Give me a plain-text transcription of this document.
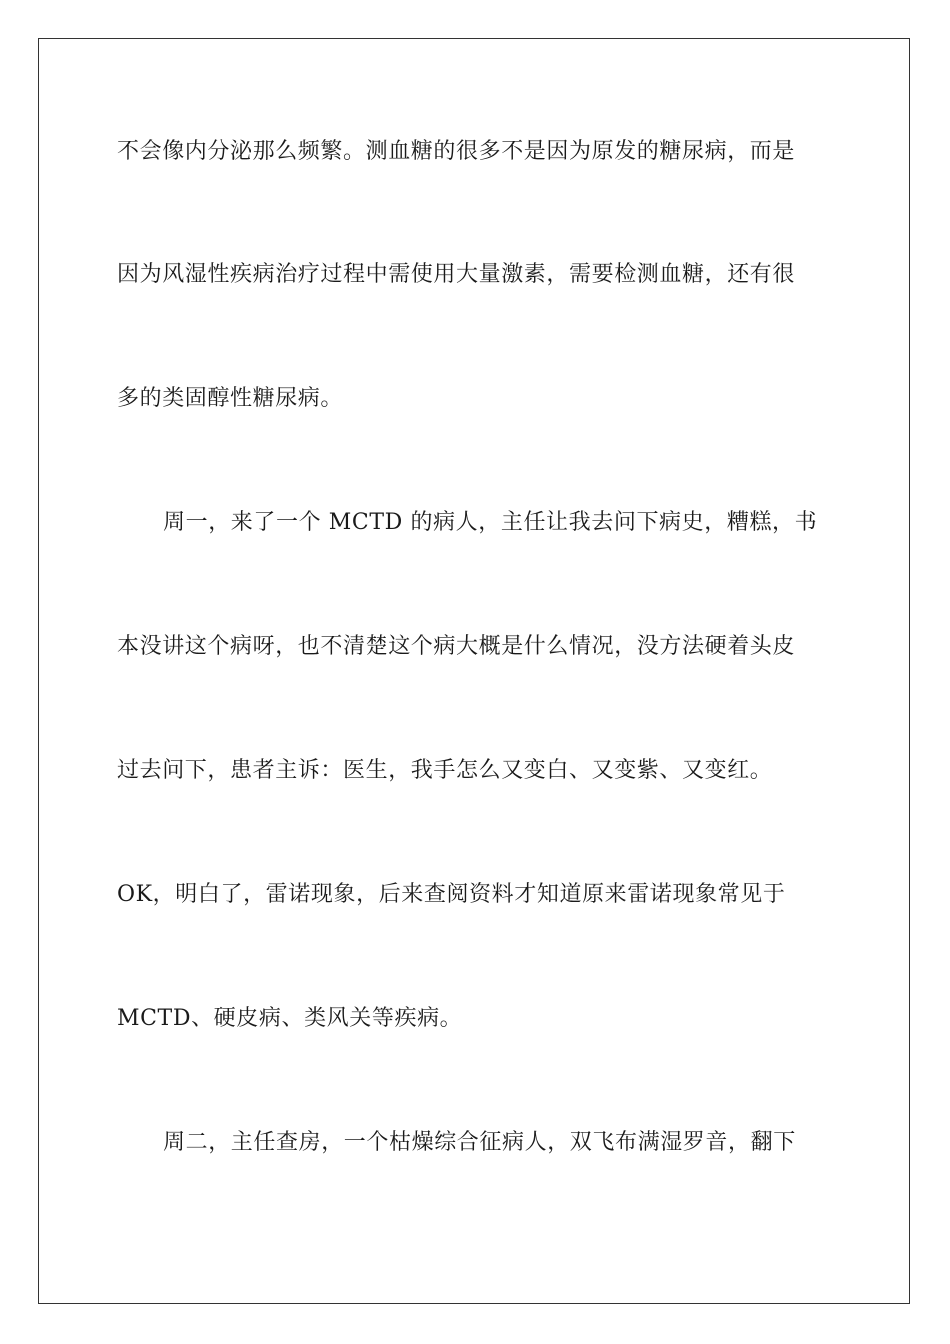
不会像内分泌那么频繁。测血糖的很多不是因为原发的糖尿病，而是
因为风湿性疾病治疗过程中需使用大量激素，需要检测血糖，还有很
多的类固醇性糖尿病。
周一，来了一个 MCTD 的病人，主任让我去问下病史，糟糕，书
本没讲这个病呀，也不清楚这个病大概是什么情况，没方法硬着头皮
过去问下，患者主诉：医生，我手怎么又变白、又变紫、又变红。
OK，明白了，雷诺现象，后来查阅资料才知道原来雷诺现象常见于
MCTD、硬皮病、类风关等疾病。
周二，主任查房，一个枯燥综合征病人，双飞布满湿罗音，翻下
